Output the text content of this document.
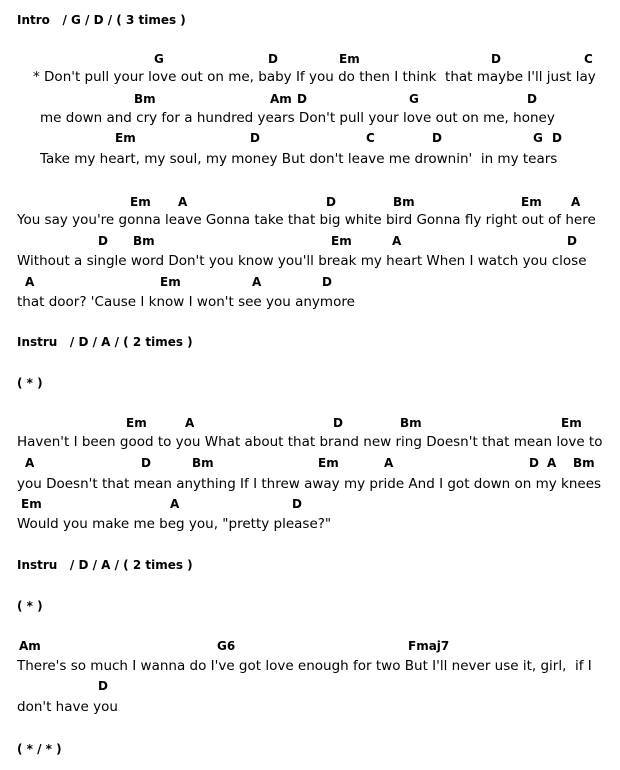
Intro   / G / D / ( 3 times )
G	D	Em	D	C
* Don't pull your love out on me, baby If you do then I think  that maybe I'll just lay
Bm	Am D	G	D
me down and cry for a hundred years Don't pull your love out on me, honey
Em	D	C	D	G D
Take my heart, my soul, my money But don't leave me drownin'  in my tears
Em A	D	Bm	Em A
You say you're gonna leave Gonna take that big white bird Gonna fly right out of here
D Bm	Em	A	D
Without a single word Don't you know you'll break my heart When I watch you close
A	Em	A	D
that door? 'Cause I know I won't see you anymore
Instru   / D / A / ( 2 times )
( * )
Em	A	D	Bm	Em
Haven't I been good to you What about that brand new ring Doesn't that mean love to
A	D	Bm	Em	A	D A Bm
you Doesn't that mean anything If I threw away my pride And I got down on my knees
Em	A	D
Would you make me beg you, "pretty please?"
Instru   / D / A / ( 2 times )
( * )
Am	G6	Fmaj7
There's so much I wanna do I've got love enough for two But I'll never use it, girl,  if I
D
don't have you
( * / * )
